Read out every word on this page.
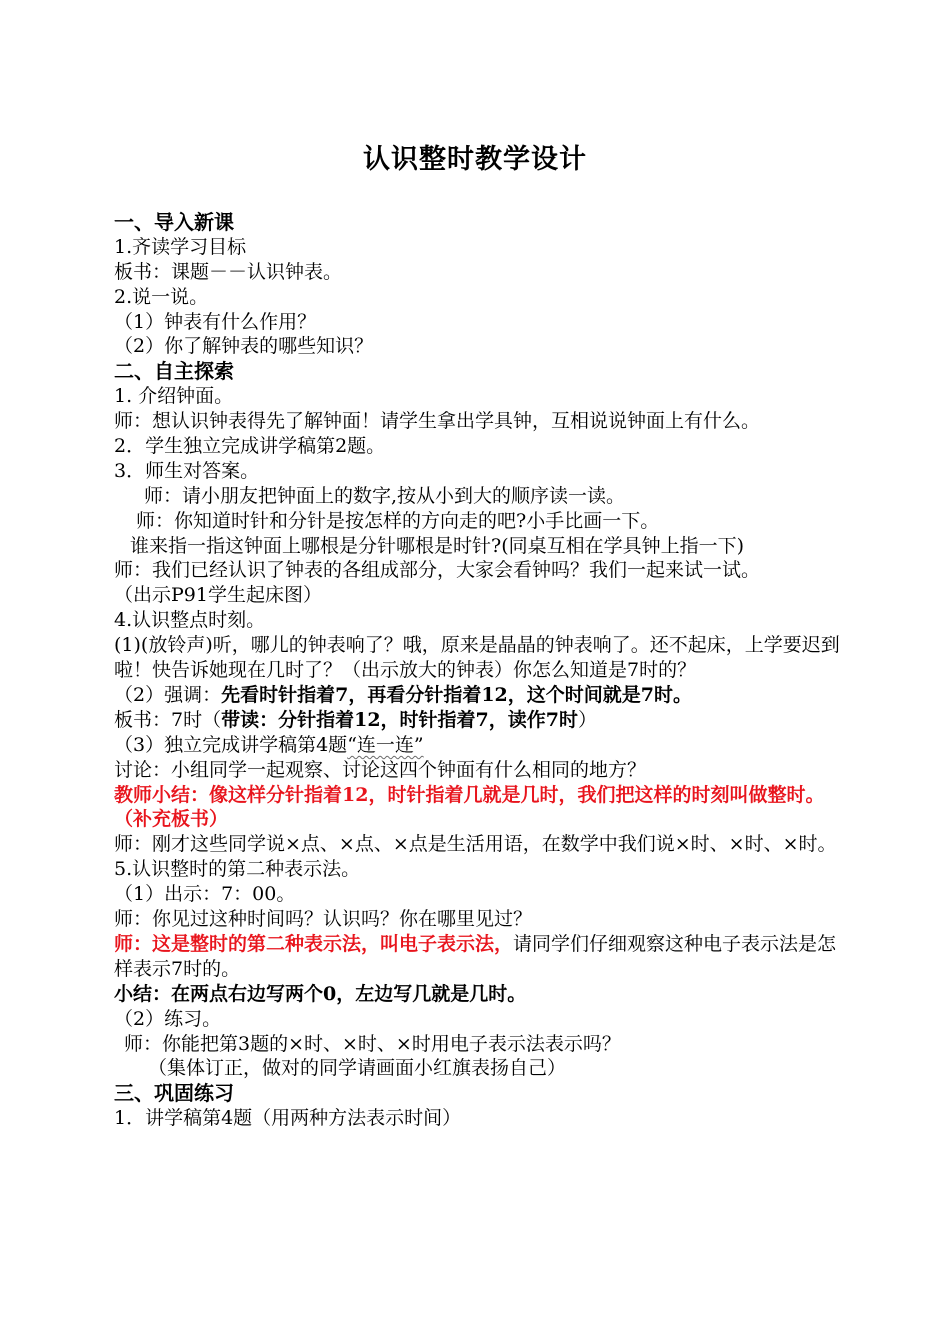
认识整时教学设计
一、导入新课
1.齐读学习目标
板书：课题－－认识钟表。
2.说一说。
（1）钟表有什么作用？
（2）你了解钟表的哪些知识？
二、自主探索
1. 介绍钟面。
师：想认识钟表得先了解钟面！请学生拿出学具钟，互相说说钟面上有什么。
2．学生独立完成讲学稿第2题。
3．师生对答案。
师：请小朋友把钟面上的数字,按从小到大的顺序读一读。
师：你知道时针和分针是按怎样的方向走的吧?小手比画一下。
谁来指一指这钟面上哪根是分针哪根是时针?(同桌互相在学具钟上指一下)
师：我们已经认识了钟表的各组成部分，大家会看钟吗？我们一起来试一试。
（出示P91学生起床图）
4.认识整点时刻。
(1)(放铃声)听，哪儿的钟表响了？哦，原来是晶晶的钟表响了。还不起床，上学要迟到啦！快告诉她现在几时了？（出示放大的钟表）你怎么知道是7时的？
（2）强调：先看时针指着7，再看分针指着12，这个时间就是7时。
板书：7时（带读：分针指着12，时针指着7，读作7时）
（3）独立完成讲学稿第4题“连一连”
讨论：小组同学一起观察、讨论这四个钟面有什么相同的地方？
教师小结：像这样分针指着12，时针指着几就是几时，我们把这样的时刻叫做整时。（补充板书）
师：刚才这些同学说×点、×点、×点是生活用语，在数学中我们说×时、×时、×时。
5.认识整时的第二种表示法。
（1）出示：7：00。
师：你见过这种时间吗？认识吗？你在哪里见过？
师：这是整时的第二种表示法，叫电子表示法，请同学们仔细观察这种电子表示法是怎样表示7时的。
小结：在两点右边写两个0，左边写几就是几时。
（2）练习。
师：你能把第3题的×时、×时、×时用电子表示法表示吗？
（集体订正，做对的同学请画面小红旗表扬自己）
三、巩固练习
1．讲学稿第4题（用两种方法表示时间）
